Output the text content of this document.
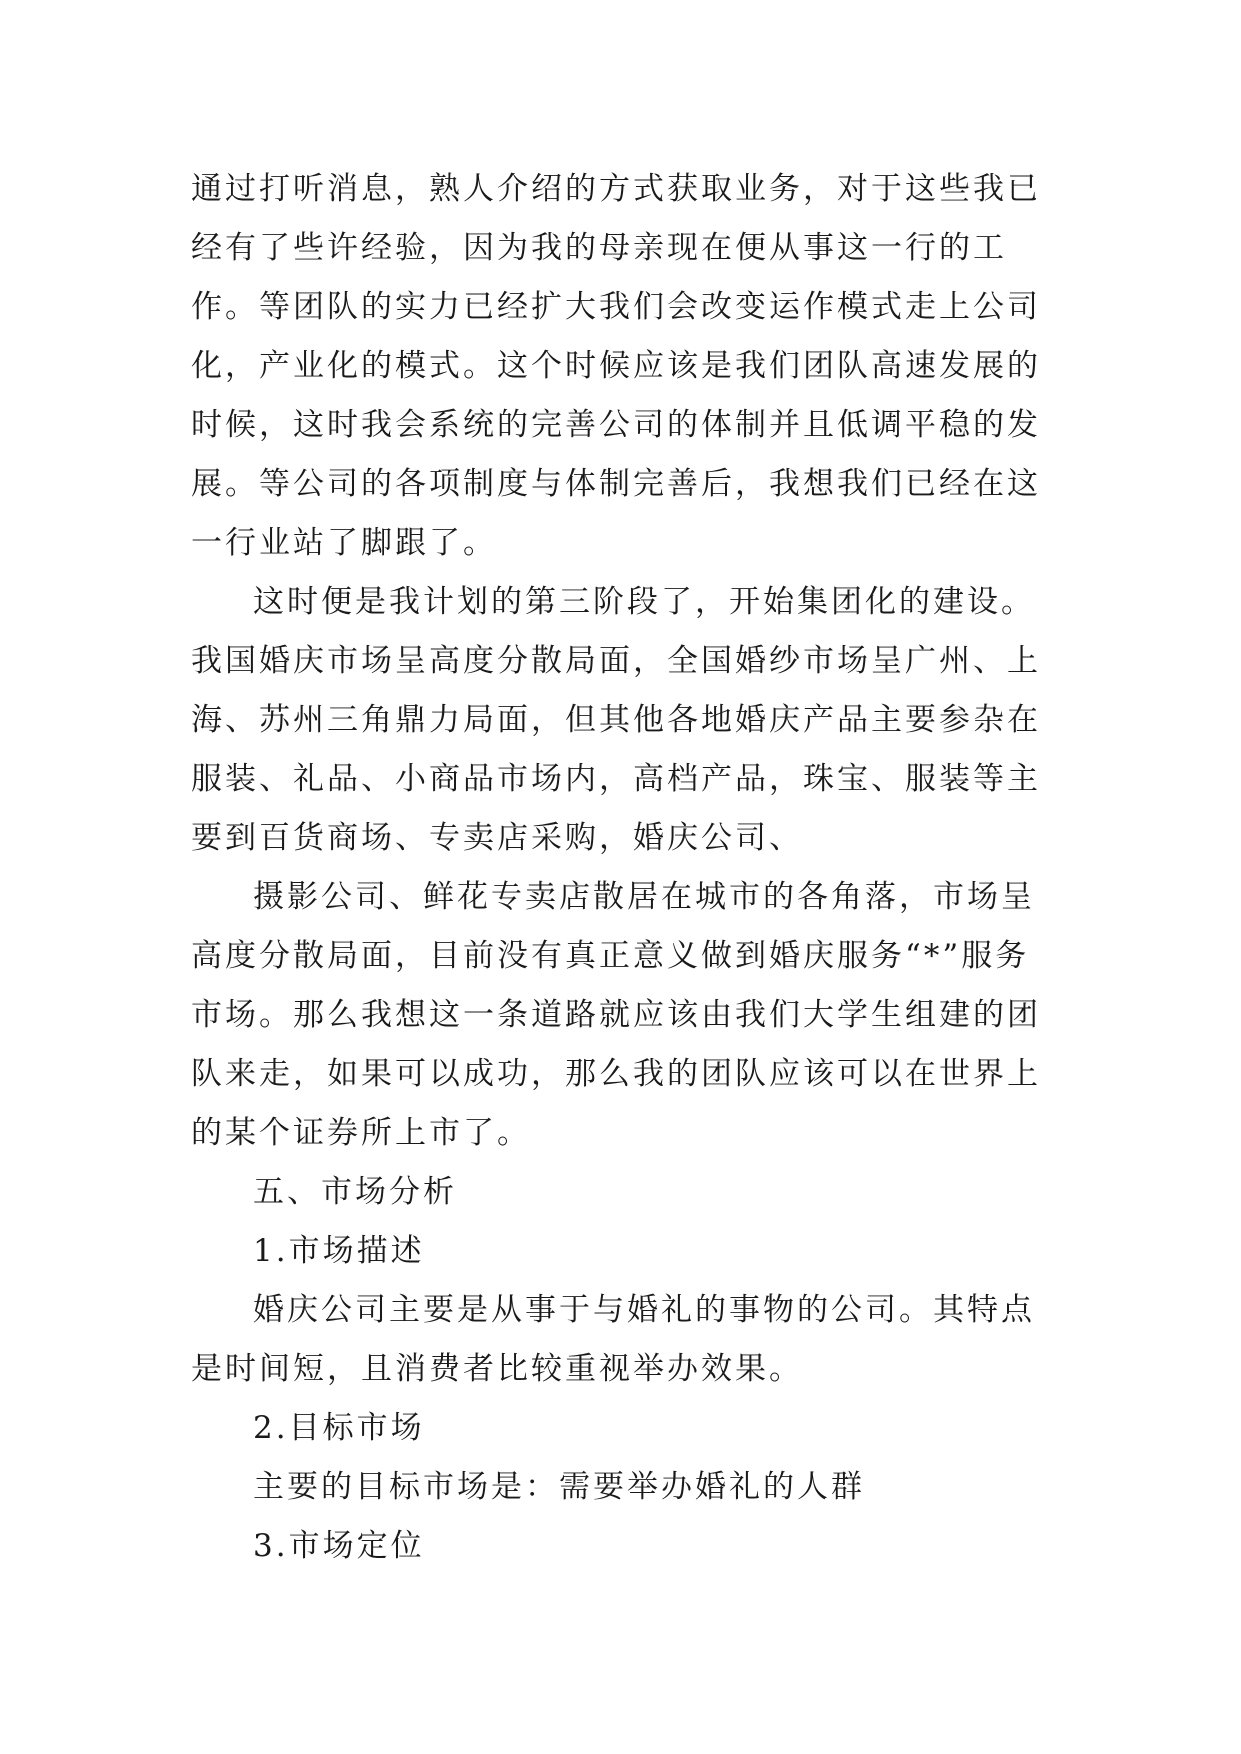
通过打听消息，熟人介绍的方式获取业务，对于这些我已经有了些许经验，因为我的母亲现在便从事这一行的工作。等团队的实力已经扩大我们会改变运作模式走上公司化，产业化的模式。这个时候应该是我们团队高速发展的时候，这时我会系统的完善公司的体制并且低调平稳的发展。等公司的各项制度与体制完善后，我想我们已经在这一行业站了脚跟了。

这时便是我计划的第三阶段了，开始集团化的建设。我国婚庆市场呈高度分散局面，全国婚纱市场呈广州、上海、苏州三角鼎力局面，但其他各地婚庆产品主要参杂在服装、礼品、小商品市场内，高档产品，珠宝、服装等主要到百货商场、专卖店采购，婚庆公司、

摄影公司、鲜花专卖店散居在城市的各角落，市场呈高度分散局面，目前没有真正意义做到婚庆服务“*”服务市场。那么我想这一条道路就应该由我们大学生组建的团队来走，如果可以成功，那么我的团队应该可以在世界上的某个证券所上市了。

五、市场分析

1.市场描述

婚庆公司主要是从事于与婚礼的事物的公司。其特点是时间短，且消费者比较重视举办效果。

2.目标市场

主要的目标市场是：需要举办婚礼的人群

3.市场定位
